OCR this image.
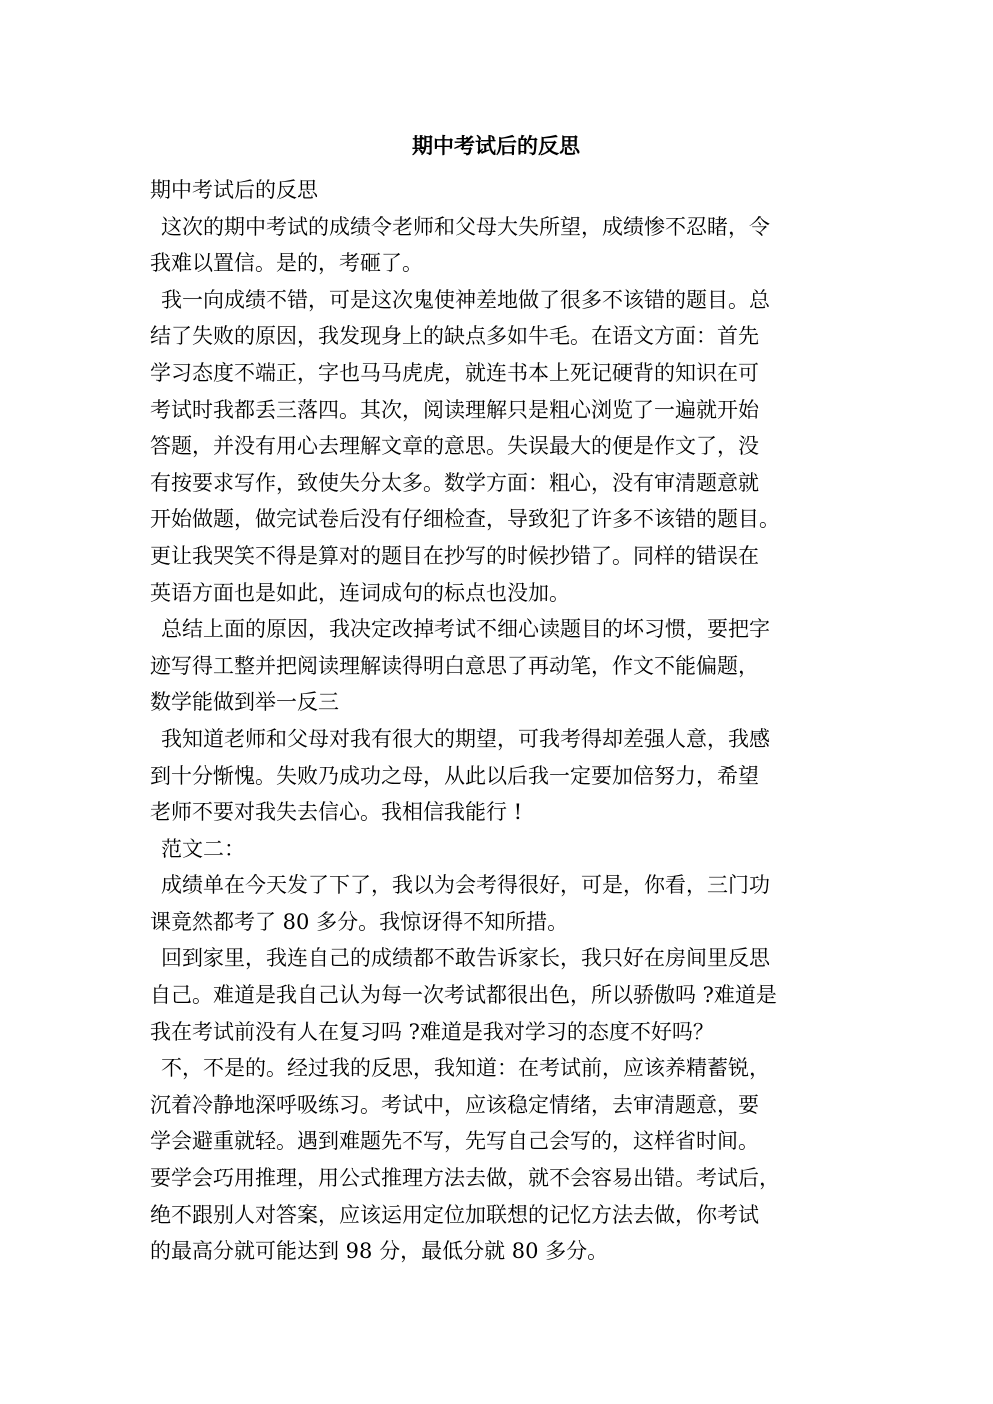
期中考试后的反思

期中考试后的反思

这次的期中考试的成绩令老师和父母大失所望，成绩惨不忍睹，令

我难以置信。是的，考砸了。

我一向成绩不错，可是这次鬼使神差地做了很多不该错的题目。总

结了失败的原因，我发现身上的缺点多如牛毛。在语文方面：首先

学习态度不端正，字也马马虎虎，就连书本上死记硬背的知识在可

考试时我都丢三落四。其次，阅读理解只是粗心浏览了一遍就开始

答题，并没有用心去理解文章的意思。失误最大的便是作文了，没

有按要求写作，致使失分太多。数学方面：粗心，没有审清题意就

开始做题，做完试卷后没有仔细检查，导致犯了许多不该错的题目。

更让我哭笑不得是算对的题目在抄写的时候抄错了。同样的错误在

英语方面也是如此，连词成句的标点也没加。

总结上面的原因，我决定改掉考试不细心读题目的坏习惯，要把字

迹写得工整并把阅读理解读得明白意思了再动笔，作文不能偏题，

数学能做到举一反三

我知道老师和父母对我有很大的期望，可我考得却差强人意，我感

到十分惭愧。失败乃成功之母，从此以后我一定要加倍努力，希望

老师不要对我失去信心。我相信我能行 !

范文二：

成绩单在今天发了下了，我以为会考得很好，可是，你看，三门功

课竟然都考了 80 多分。我惊讶得不知所措。

回到家里，我连自己的成绩都不敢告诉家长，我只好在房间里反思

自己。难道是我自己认为每一次考试都很出色，所以骄傲吗 ?难道是

我在考试前没有人在复习吗 ?难道是我对学习的态度不好吗？

不，不是的。经过我的反思，我知道：在考试前，应该养精蓄锐，

沉着冷静地深呼吸练习。考试中，应该稳定情绪，去审清题意，要

学会避重就轻。遇到难题先不写，先写自己会写的，这样省时间。

要学会巧用推理，用公式推理方法去做，就不会容易出错。考试后，

绝不跟别人对答案，应该运用定位加联想的记忆方法去做，你考试

的最高分就可能达到 98 分，最低分就 80 多分。
